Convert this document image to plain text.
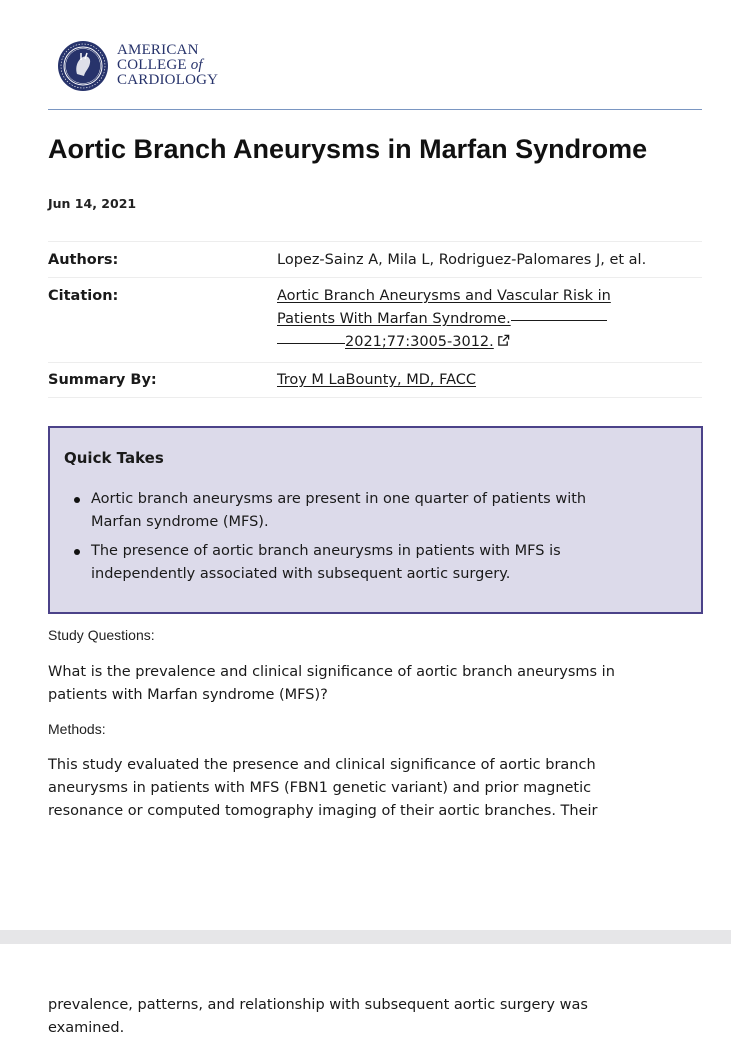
AMERICAN
COLLEGE of
CARDIOLOGY
Aortic Branch Aneurysms in Marfan Syndrome
Jun 14, 2021
Authors:	Lopez-Sainz A, Mila L, Rodriguez-Palomares J, et al.
Citation:	Aortic Branch Aneurysms and Vascular Risk in
Patients With Marfan Syndrome.
2021;77:3005-3012.
Summary By:	Troy M LaBounty, MD, FACC
Quick Takes
Aortic branch aneurysms are present in one quarter of patients with
Marfan syndrome (MFS).
The presence of aortic branch aneurysms in patients with MFS is
independently associated with subsequent aortic surgery.
Study Questions:
What is the prevalence and clinical significance of aortic branch aneurysms in
patients with Marfan syndrome (MFS)?
Methods:
This study evaluated the presence and clinical significance of aortic branch
aneurysms in patients with MFS (FBN1 genetic variant) and prior magnetic
resonance or computed tomography imaging of their aortic branches. Their
prevalence, patterns, and relationship with subsequent aortic surgery was
examined.
